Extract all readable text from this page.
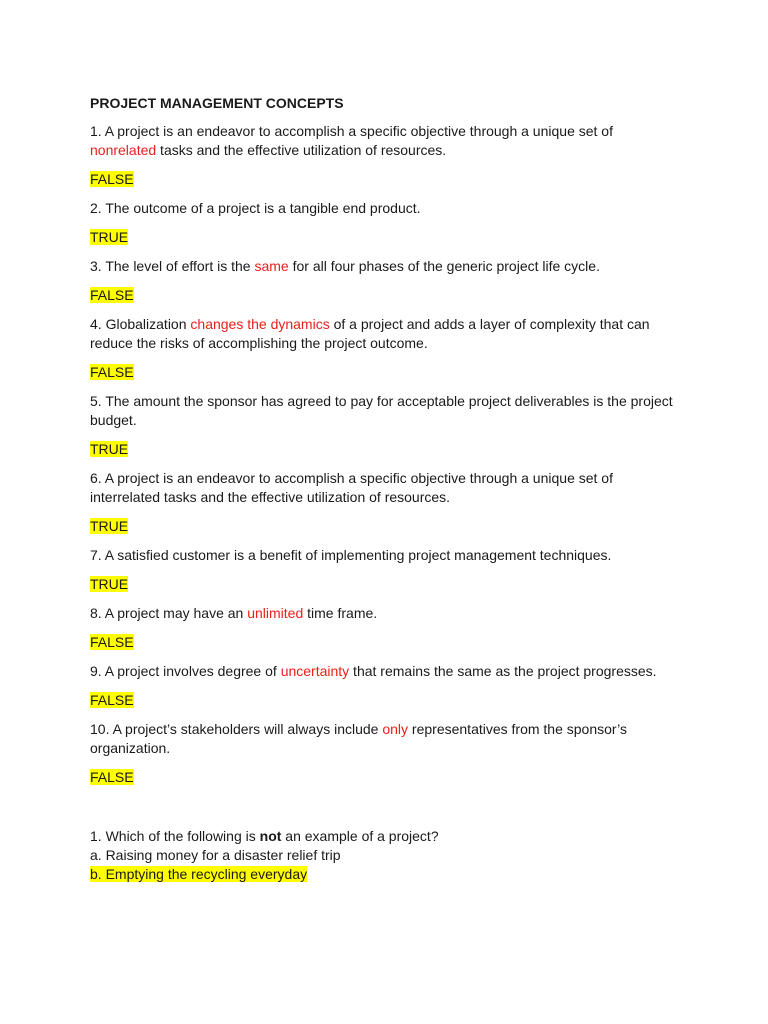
PROJECT MANAGEMENT CONCEPTS
1. A project is an endeavor to accomplish a specific objective through a unique set of nonrelated tasks and the effective utilization of resources.
FALSE
2. The outcome of a project is a tangible end product.
TRUE
3. The level of effort is the same for all four phases of the generic project life cycle.
FALSE
4. Globalization changes the dynamics of a project and adds a layer of complexity that can reduce the risks of accomplishing the project outcome.
FALSE
5. The amount the sponsor has agreed to pay for acceptable project deliverables is the project budget.
TRUE
6. A project is an endeavor to accomplish a specific objective through a unique set of interrelated tasks and the effective utilization of resources.
TRUE
7. A satisfied customer is a benefit of implementing project management techniques.
TRUE
8. A project may have an unlimited time frame.
FALSE
9. A project involves degree of uncertainty that remains the same as the project progresses.
FALSE
10. A project’s stakeholders will always include only representatives from the sponsor’s organization.
FALSE
1. Which of the following is not an example of a project?
a. Raising money for a disaster relief trip
b. Emptying the recycling everyday
